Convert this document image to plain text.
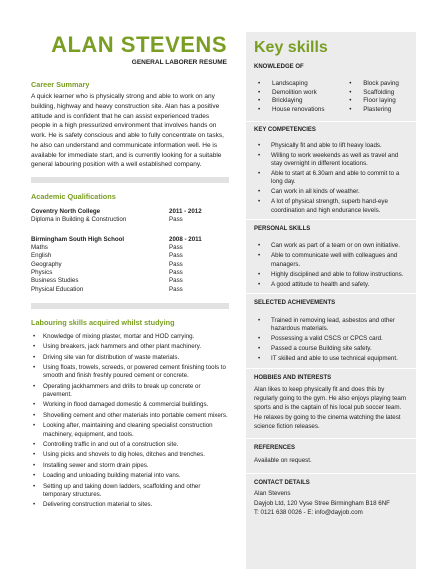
ALAN STEVENS
GENERAL LABORER RESUME
Career Summary
A quick learner who is physically strong and able to work on any building, highway and heavy construction site. Alan has a positive attitude and is confident that he can assist experienced trades people in a high pressurized environment that involves hands on work. He is safety conscious and able to fully concentrate on tasks, he also can understand and communicate information well. He is available for immediate start, and is currently looking for a suitable general labouring position with a well established company.
Academic Qualifications
Coventry North College	2011 - 2012
Diploma in Building & Construction	Pass
Birmingham South High School	2008 - 2011
Maths	Pass
English	Pass
Geography	Pass
Physics	Pass
Business Studies	Pass
Physical Education	Pass
Labouring skills acquired whilst studying
• Knowledge of mixing plaster, mortar and HOD carrying.
• Using breakers, jack hammers and other plant machinery.
• Driving site van for distribution of waste materials.
• Using floats, trowels, screeds, or powered cement finishing tools to smooth and finish freshly poured cement or concrete.
• Operating jackhammers and drills to break up concrete or pavement.
• Working in flood damaged domestic & commercial buildings.
• Shovelling cement and other materials into portable cement mixers.
• Looking after, maintaining and cleaning specialist construction machinery, equipment, and tools.
• Controlling traffic in and out of a construction site.
• Using picks and shovels to dig holes, ditches and trenches.
• Installing sewer and storm drain pipes.
• Loading and unloading building material into vans.
• Setting up and taking down ladders, scaffolding and other temporary structures.
• Delivering construction material to sites.
Key skills
KNOWLEDGE OF
• Landscaping
• Demolition work
• Bricklaying
• House renovations
• Block paving
• Scaffolding
• Floor laying
• Plastering
KEY COMPETENCIES
• Physically fit and able to lift heavy loads.
• Willing to work weekends as well as travel and stay overnight in different locations.
• Able to start at 6.30am and able to commit to a long day.
• Can work in all kinds of weather.
• A lot of physical strength, superb hand-eye coordination and high endurance levels.
PERSONAL SKILLS
• Can work as part of a team or on own initiative.
• Able to communicate well with colleagues and managers.
• Highly disciplined and able to follow instructions.
• A good attitude to health and safety.
SELECTED ACHIEVEMENTS
• Trained in removing lead, asbestos and other hazardous materials.
• Possessing a valid CSCS or CPCS card.
• Passed a course Building site safety.
• IT skilled and able to use technical equipment.
HOBBIES AND INTERESTS
Alan likes to keep physically fit and does this by regularly going to the gym. He also enjoys playing team sports and is the captain of his local pub soccer team. He relaxes by going to the cinema watching the latest science fiction releases.
REFERENCES
Available on request.
CONTACT DETAILS
Alan Stevens
Dayjob Ltd, 120 Vyse Stree Birmingham B18 6NF
T: 0121 638 0026 - E: info@dayjob.com
